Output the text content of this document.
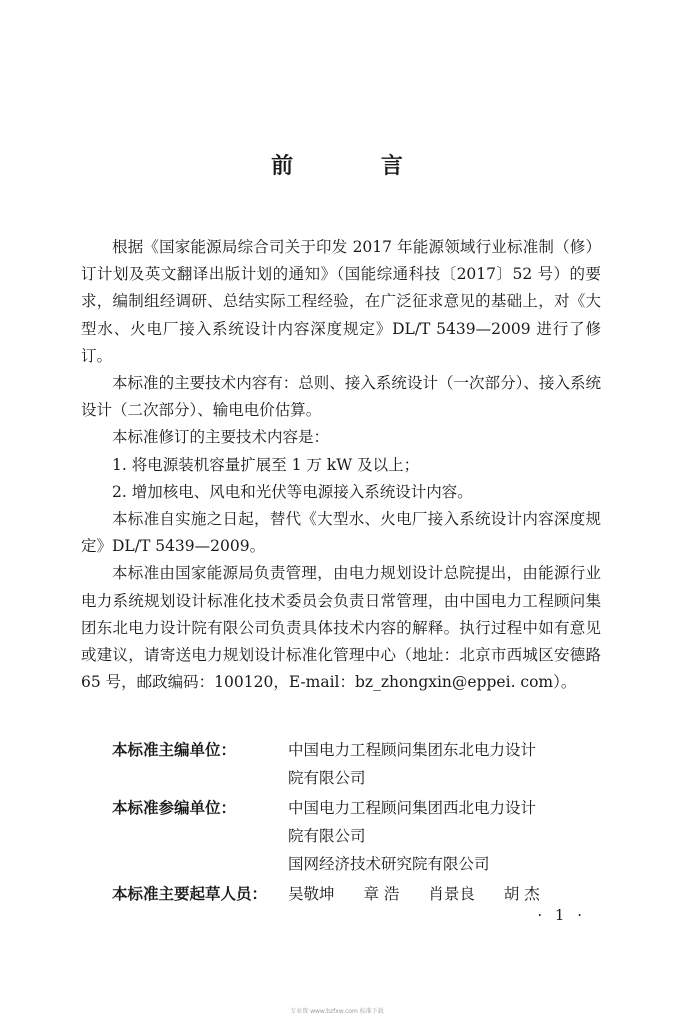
前 言

根据《国家能源局综合司关于印发 2017 年能源领域行业标准制（修）订计划及英文翻译出版计划的通知》（国能综通科技〔2017〕52 号）的要求，编制组经调研、总结实际工程经验，在广泛征求意见的基础上，对《大型水、火电厂接入系统设计内容深度规定》DL/T 5439—2009 进行了修订。

本标准的主要技术内容有：总则、接入系统设计（一次部分）、接入系统设计（二次部分）、输电电价估算。

本标准修订的主要技术内容是：

1. 将电源装机容量扩展至 1 万 kW 及以上；

2. 增加核电、风电和光伏等电源接入系统设计内容。

本标准自实施之日起，替代《大型水、火电厂接入系统设计内容深度规定》DL/T 5439—2009。

本标准由国家能源局负责管理，由电力规划设计总院提出，由能源行业电力系统规划设计标准化技术委员会负责日常管理，由中国电力工程顾问集团东北电力设计院有限公司负责具体技术内容的解释。执行过程中如有意见或建议，请寄送电力规划设计标准化管理中心（地址：北京市西城区安德路 65 号，邮政编码：100120，E-mail：bz_zhongxin@eppei. com）。

本标准主编单位：	中国电力工程顾问集团东北电力设计
院有限公司
本标准参编单位：	中国电力工程顾问集团西北电力设计
院有限公司
国网经济技术研究院有限公司
本标准主要起草人员： 吴敬坤 章 浩 肖景良 胡 杰
· 1 ·
专业资 www.bzfxw.com 标准下载
